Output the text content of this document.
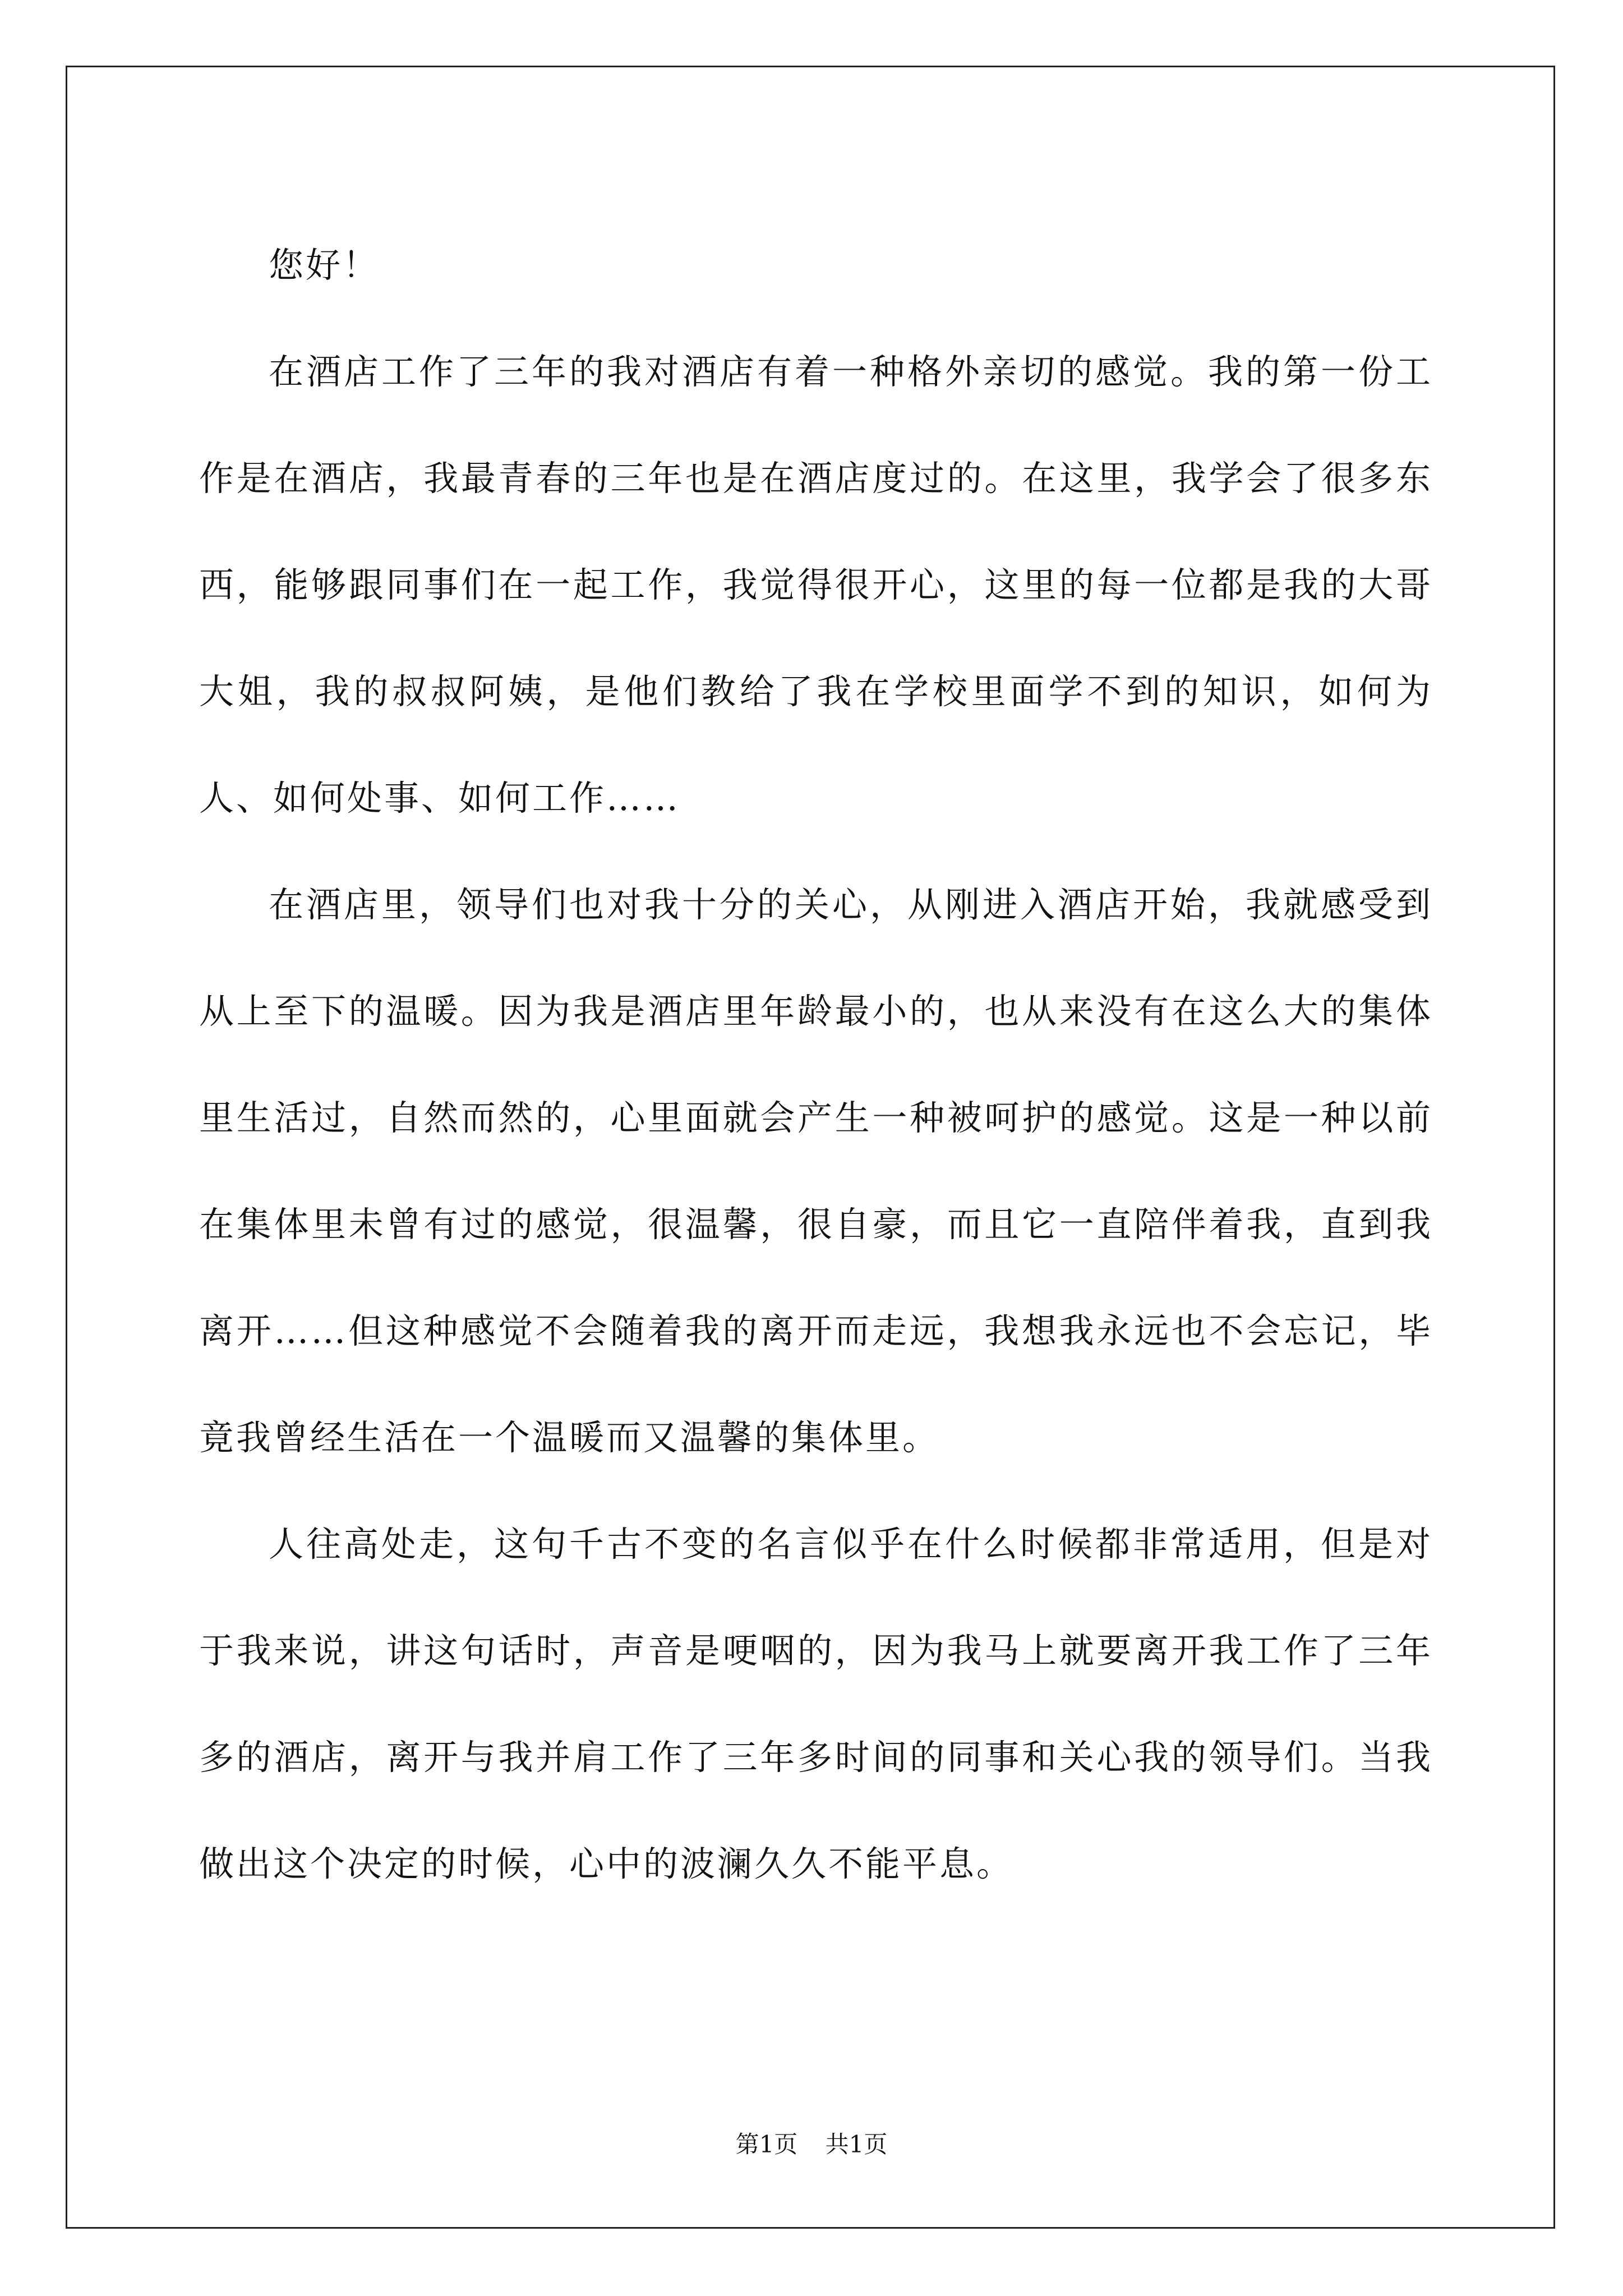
您好！

在酒店工作了三年的我对酒店有着一种格外亲切的感觉。我的第一份工作是在酒店，我最青春的三年也是在酒店度过的。在这里，我学会了很多东西，能够跟同事们在一起工作，我觉得很开心，这里的每一位都是我的大哥大姐，我的叔叔阿姨，是他们教给了我在学校里面学不到的知识，如何为人、如何处事、如何工作……

在酒店里，领导们也对我十分的关心，从刚进入酒店开始，我就感受到从上至下的温暖。因为我是酒店里年龄最小的，也从来没有在这么大的集体里生活过，自然而然的，心里面就会产生一种被呵护的感觉。这是一种以前在集体里未曾有过的感觉，很温馨，很自豪，而且它一直陪伴着我，直到我离开……但这种感觉不会随着我的离开而走远，我想我永远也不会忘记，毕竟我曾经生活在一个温暖而又温馨的集体里。

人往高处走，这句千古不变的名言似乎在什么时候都非常适用，但是对于我来说，讲这句话时，声音是哽咽的，因为我马上就要离开我工作了三年多的酒店，离开与我并肩工作了三年多时间的同事和关心我的领导们。当我做出这个决定的时候，心中的波澜久久不能平息。

第1页 共1页
